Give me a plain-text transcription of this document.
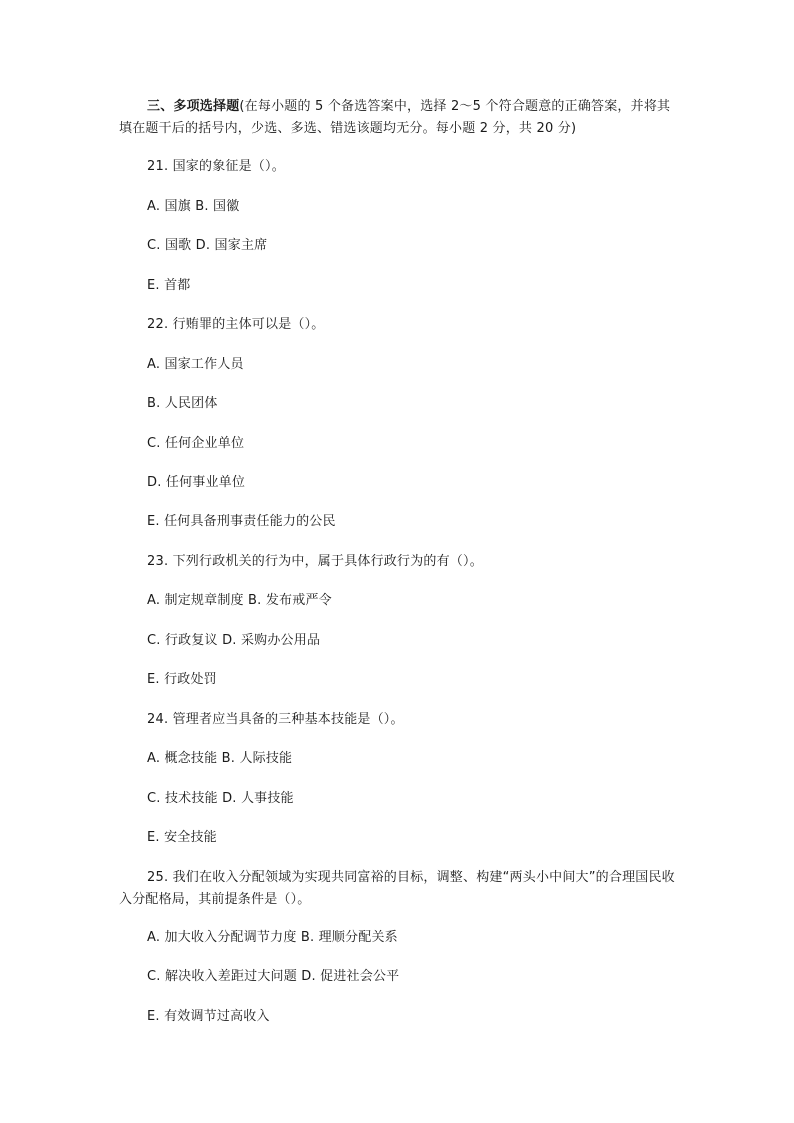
三、多项选择题(在每小题的 5 个备选答案中，选择 2～5 个符合题意的正确答案，并将其填在题干后的括号内，少选、多选、错选该题均无分。每小题 2 分，共 20 分)
21. 国家的象征是（）。
A. 国旗 B. 国徽
C. 国歌 D. 国家主席
E. 首都
22. 行贿罪的主体可以是（）。
A. 国家工作人员
B. 人民团体
C. 任何企业单位
D. 任何事业单位
E. 任何具备刑事责任能力的公民
23. 下列行政机关的行为中，属于具体行政行为的有（）。
A. 制定规章制度 B. 发布戒严令
C. 行政复议 D. 采购办公用品
E. 行政处罚
24. 管理者应当具备的三种基本技能是（）。
A. 概念技能 B. 人际技能
C. 技术技能 D. 人事技能
E. 安全技能
25. 我们在收入分配领域为实现共同富裕的目标，调整、构建“两头小中间大”的合理国民收入分配格局，其前提条件是（）。
A. 加大收入分配调节力度 B. 理顺分配关系
C. 解决收入差距过大问题 D. 促进社会公平
E. 有效调节过高收入
